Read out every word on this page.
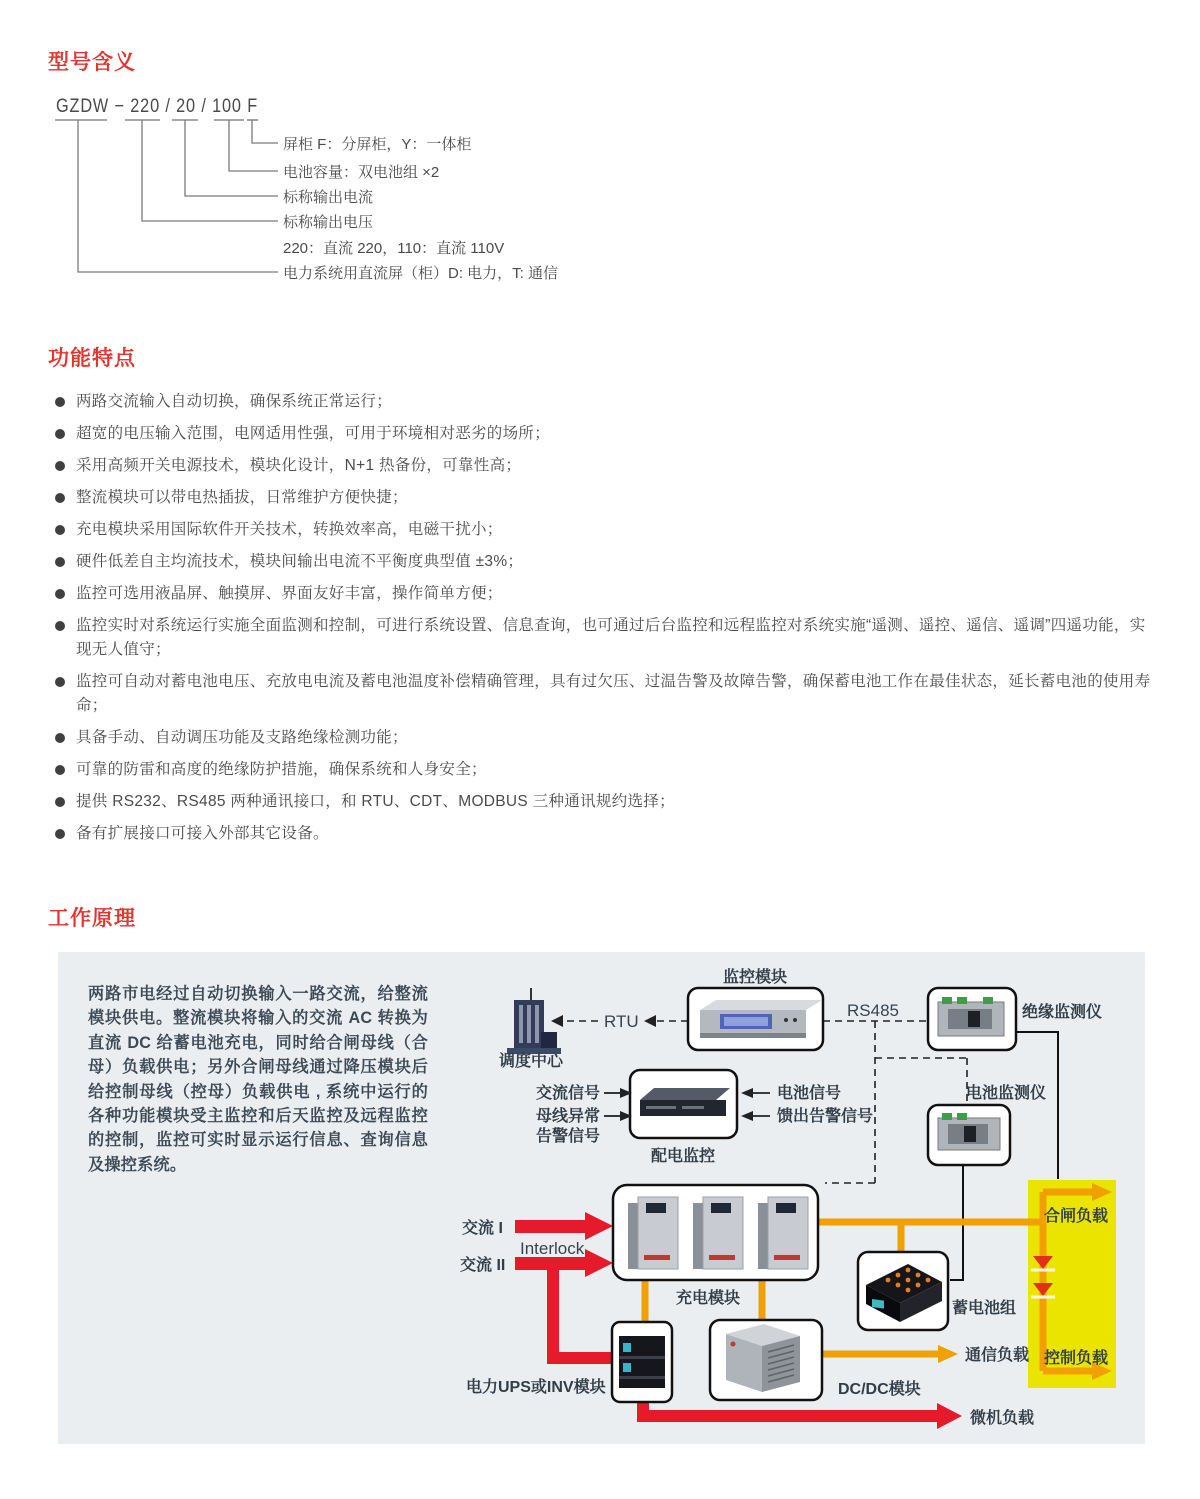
型号含义
GZDW − 220 / 20 / 100 F
屏柜 F：分屏柜，Y：一体柜
电池容量：双电池组 ×2
标称输出电流
标称输出电压
220：直流 220，110：直流 110V
电力系统用直流屏（柜）D: 电力，T: 通信
功能特点
两路交流输入自动切换，确保系统正常运行；
超宽的电压输入范围，电网适用性强，可用于环境相对恶劣的场所；
采用高频开关电源技术，模块化设计，N+1 热备份，可靠性高；
整流模块可以带电热插拔，日常维护方便快捷；
充电模块采用国际软件开关技术，转换效率高，电磁干扰小；
硬件低差自主均流技术，模块间输出电流不平衡度典型值 ±3%；
监控可选用液晶屏、触摸屏、界面友好丰富，操作简单方便；
监控实时对系统运行实施全面监测和控制，可进行系统设置、信息查询，也可通过后台监控和远程监控对系统实施“遥测、遥控、遥信、遥调”四遥功能，实现无人值守；
监控可自动对蓄电池电压、充放电电流及蓄电池温度补偿精确管理，具有过欠压、过温告警及故障告警，确保蓄电池工作在最佳状态，延长蓄电池的使用寿命；
具备手动、自动调压功能及支路绝缘检测功能；
可靠的防雷和高度的绝缘防护措施，确保系统和人身安全；
提供 RS232、RS485 两种通讯接口，和 RTU、CDT、MODBUS 三种通讯规约选择；
备有扩展接口可接入外部其它设备。
工作原理
两路市电经过自动切换输入一路交流，给整流模块供电。整流模块将输入的交流 AC 转换为直流 DC 给蓄电池充电，同时给合闸母线（合母）负载供电；另外合闸母线通过降压模块后给控制母线（控母）负载供电 , 系统中运行的各种功能模块受主监控和后天监控及远程监控的控制，监控可实时显示运行信息、查询信息及操控系统。
调度中心
RTU
监控模块
RS485	绝缘监测仪
交流信号
母线异常
告警信号
电池信号
馈出告警信号
配电监控
电池监测仪
充电模块
交流 I
Interlock
交流 II
蓄电池组
合闸负载
控制负载
通信负载
DC/DC模块
电力UPS或INV模块
微机负载
